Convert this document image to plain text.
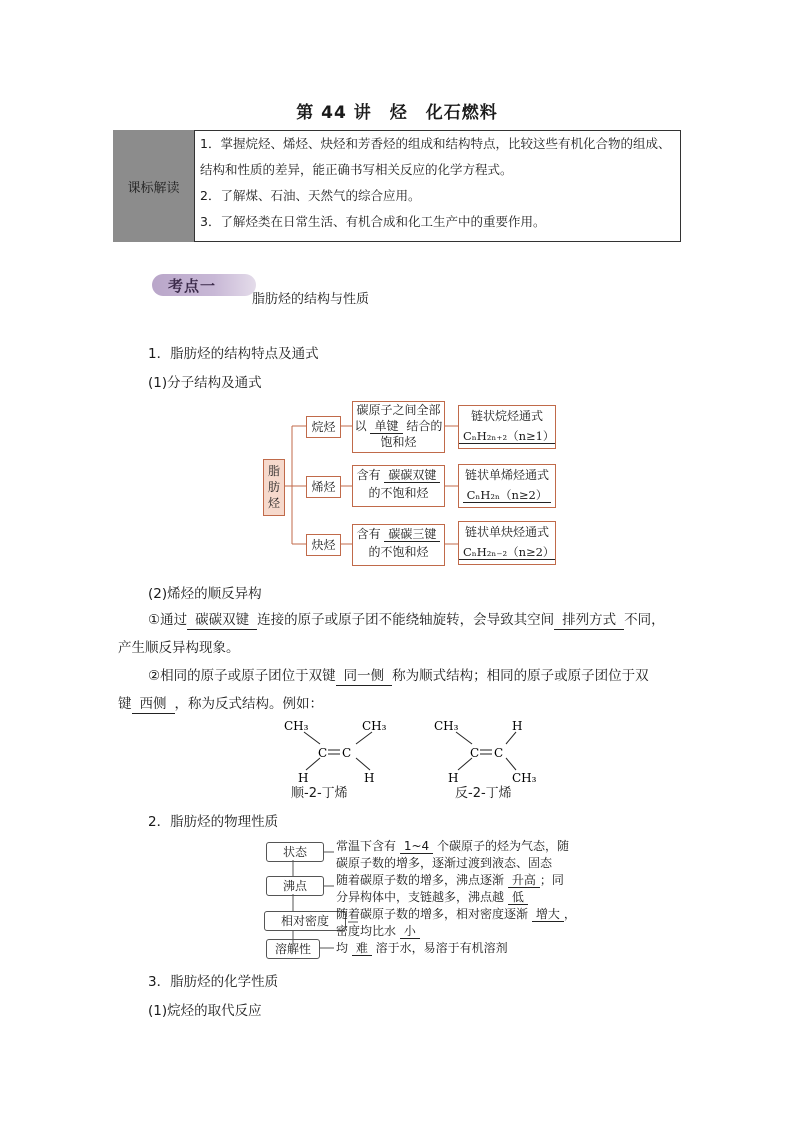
第 44 讲　烃　化石燃料
课标解读
1．掌握烷烃、烯烃、炔烃和芳香烃的组成和结构特点，比较这些有机化合物的组成、结构和性质的差异，能正确书写相关反应的化学方程式。
2．了解煤、石油、天然气的综合应用。
3．了解烃类在日常生活、有机合成和化工生产中的重要作用。
考点一
脂肪烃的结构与性质
1．脂肪烃的结构特点及通式
(1)分子结构及通式
脂肪烃
烷烃
碳原子之间全部
以 单键 结合的
饱和烃
链状烷烃通式
CₙH₂ₙ₊₂（n≥1）
烯烃
含有 碳碳双键
的不饱和烃
链状单烯烃通式
CₙH₂ₙ（n≥2）
炔烃
含有 碳碳三键
的不饱和烃
链状单炔烃通式
CₙH₂ₙ₋₂（n≥2）
(2)烯烃的顺反异构
①通过 碳碳双键 连接的原子或原子团不能绕轴旋转，会导致其空间 排列方式 不同，
产生顺反异构现象。
②相同的原子或原子团位于双键 同一侧 称为顺式结构；相同的原子或原子团位于双
键 西侧 ，称为反式结构。例如：
CH₃	CH₃
C C
H	H
顺-2-丁烯
CH₃	H
C C
H	CH₃
反-2-丁烯
2．脂肪烃的物理性质
状态	常温下含有 1~4 个碳原子的烃为气态，随
碳原子数的增多，逐渐过渡到液态、固态
沸点	随着碳原子数的增多，沸点逐渐 升高 ；同
分异构体中，支链越多，沸点越 低
相对密度 随着碳原子数的增多，相对密度逐渐 增大 ，
密度均比水 小
溶解性	均 难 溶于水，易溶于有机溶剂
3．脂肪烃的化学性质
(1)烷烃的取代反应
